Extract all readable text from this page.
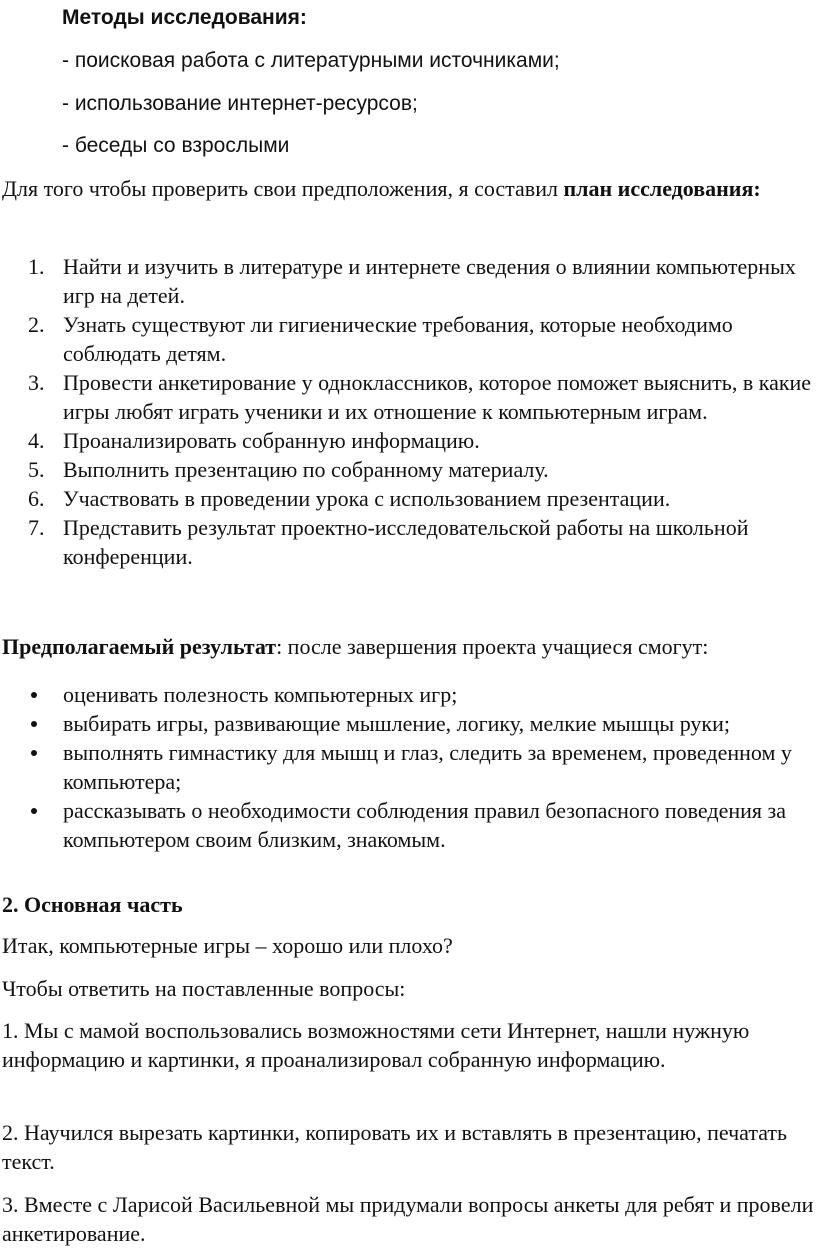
Методы исследования:
- поисковая работа с литературными источниками;
- использование интернет-ресурсов;
- беседы со взрослыми
Для того чтобы проверить свои предположения, я составил план исследования:
1. Найти и изучить в литературе и интернете сведения о влиянии компьютерных игр на детей.
2. Узнать существуют ли гигиенические требования, которые необходимо соблюдать детям.
3. Провести анкетирование у одноклассников, которое поможет выяснить, в какие игры любят играть ученики и их отношение к компьютерным играм.
4. Проанализировать собранную информацию.
5. Выполнить презентацию по собранному материалу.
6. Участвовать в проведении урока с использованием презентации.
7. Представить результат проектно-исследовательской работы на школьной конференции.
Предполагаемый результат: после завершения проекта учащиеся смогут:
оценивать полезность компьютерных игр;
выбирать игры, развивающие мышление, логику, мелкие мышцы руки;
выполнять гимнастику для мышц и глаз, следить за временем, проведенном у компьютера;
рассказывать о необходимости соблюдения правил безопасного поведения за компьютером своим близким, знакомым.
2. Основная часть
Итак, компьютерные игры – хорошо или плохо?
Чтобы ответить на поставленные вопросы:
1. Мы с мамой воспользовались возможностями сети Интернет, нашли нужную информацию и картинки, я проанализировал собранную информацию.
2. Научился вырезать картинки, копировать их и вставлять в презентацию, печатать текст.
3. Вместе с Ларисой Васильевной мы придумали вопросы анкеты для ребят и провели анкетирование.
